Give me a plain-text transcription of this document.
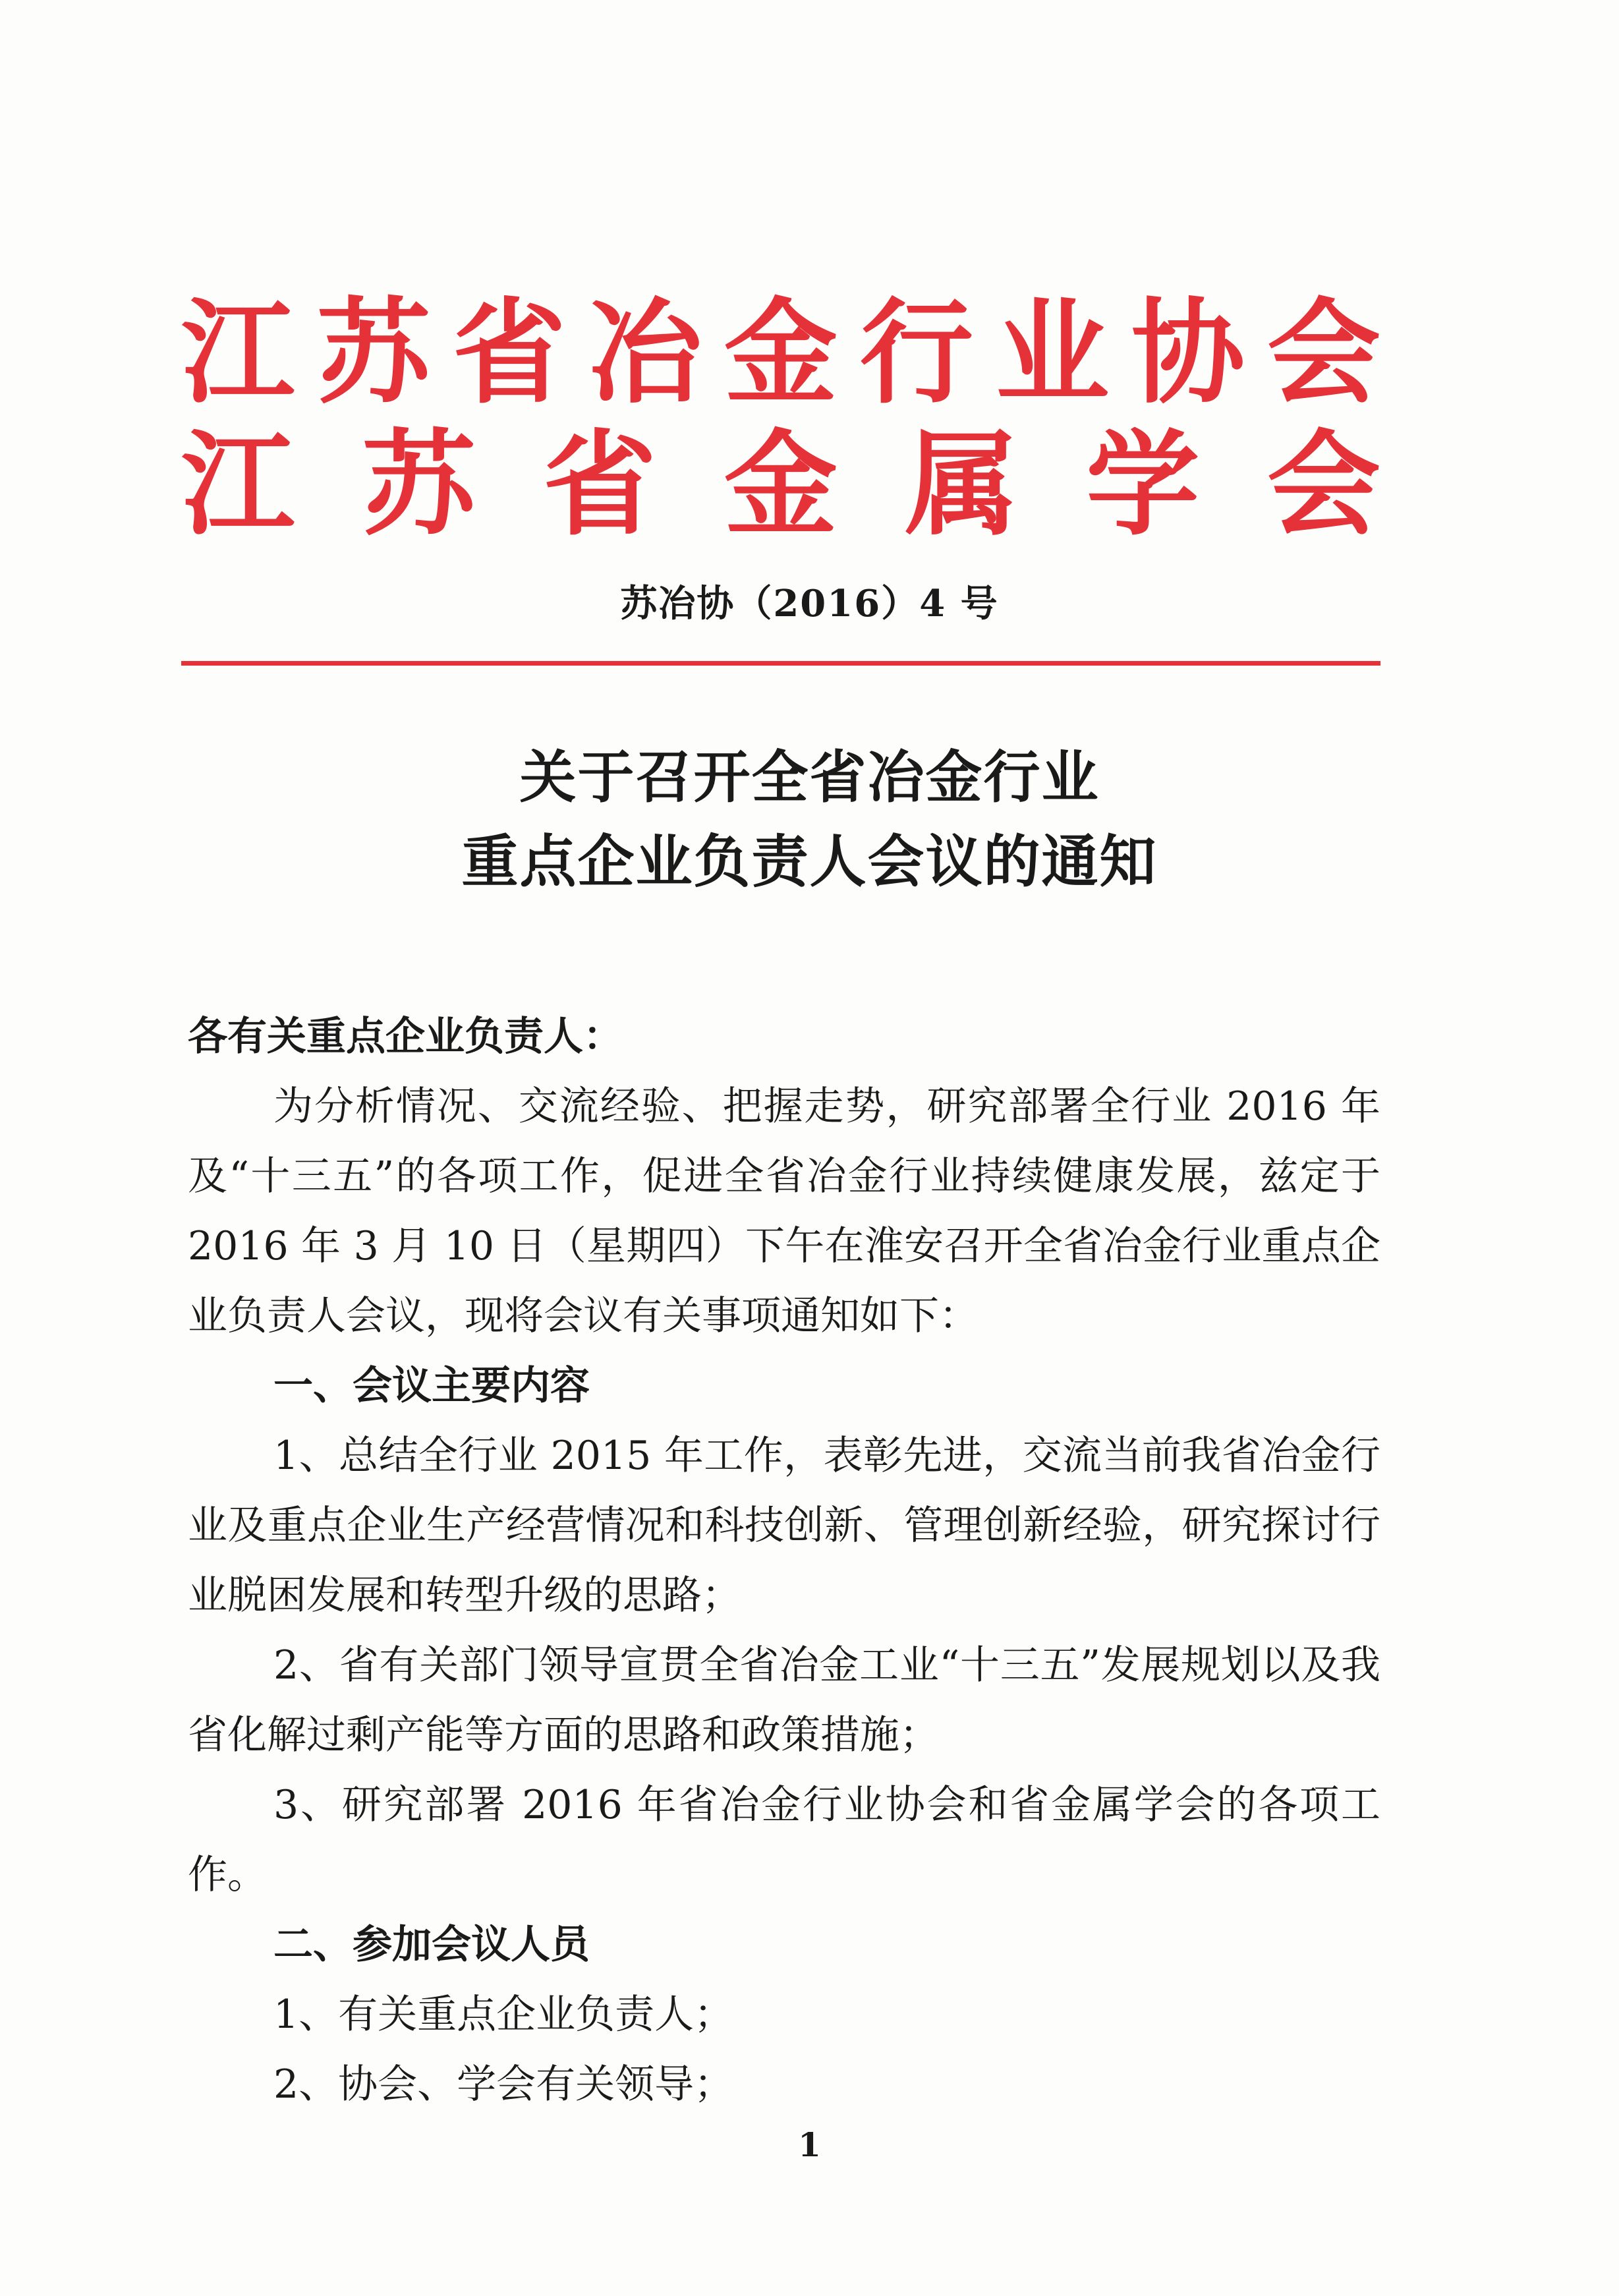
江 苏 省 冶 金 行 业 协 会
江 苏 省 金 属 学 会
苏冶协（2016）4 号
关于召开全省冶金行业
重点企业负责人会议的通知
各有关重点企业负责人：

为分析情况、交流经验、把握走势，研究部署全行业 2016 年及“十三五”的各项工作，促进全省冶金行业持续健康发展，兹定于 2016 年 3 月 10 日（星期四）下午在淮安召开全省冶金行业重点企业负责人会议，现将会议有关事项通知如下：

一、会议主要内容

1、总结全行业 2015 年工作，表彰先进，交流当前我省冶金行业及重点企业生产经营情况和科技创新、管理创新经验，研究探讨行业脱困发展和转型升级的思路；

2、省有关部门领导宣贯全省冶金工业“十三五”发展规划以及我省化解过剩产能等方面的思路和政策措施；

3、研究部署 2016 年省冶金行业协会和省金属学会的各项工作。

二、参加会议人员

1、有关重点企业负责人；

2、协会、学会有关领导；

1
